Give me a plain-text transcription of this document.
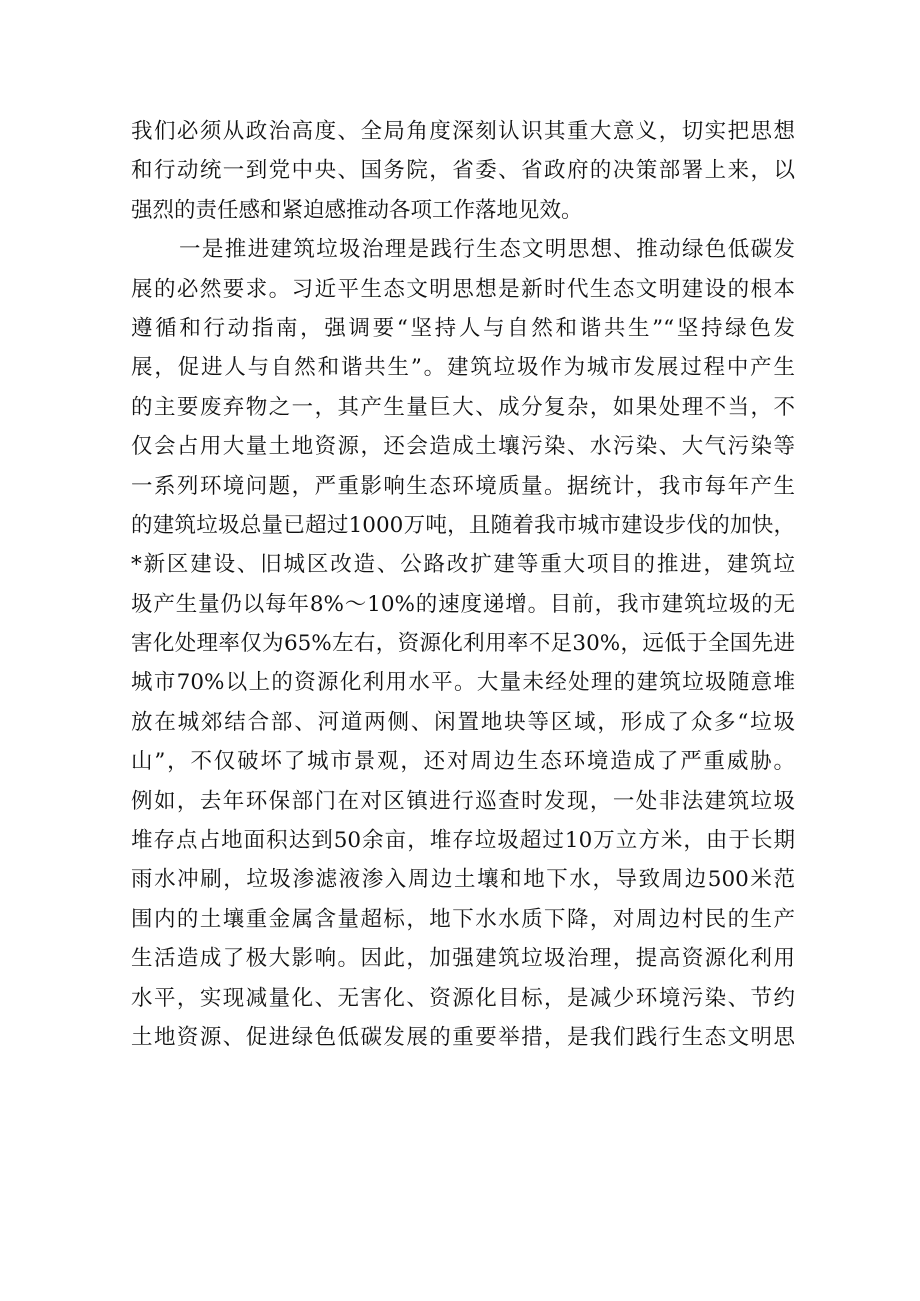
我们必须从政治高度、全局角度深刻认识其重大意义，切实把思想
和行动统一到党中央、国务院，省委、省政府的决策部署上来，以
强烈的责任感和紧迫感推动各项工作落地见效。
一是推进建筑垃圾治理是践行生态文明思想、推动绿色低碳发
展的必然要求。习近平生态文明思想是新时代生态文明建设的根本
遵循和行动指南，强调要“坚持人与自然和谐共生”“坚持绿色发
展，促进人与自然和谐共生”。建筑垃圾作为城市发展过程中产生
的主要废弃物之一，其产生量巨大、成分复杂，如果处理不当，不
仅会占用大量土地资源，还会造成土壤污染、水污染、大气污染等
一系列环境问题，严重影响生态环境质量。据统计，我市每年产生
的建筑垃圾总量已超过1000万吨，且随着我市城市建设步伐的加快，
*新区建设、旧城区改造、公路改扩建等重大项目的推进，建筑垃
圾产生量仍以每年8%～10%的速度递增。目前，我市建筑垃圾的无
害化处理率仅为65%左右，资源化利用率不足30%，远低于全国先进
城市70%以上的资源化利用水平。大量未经处理的建筑垃圾随意堆
放在城郊结合部、河道两侧、闲置地块等区域，形成了众多“垃圾
山”，不仅破坏了城市景观，还对周边生态环境造成了严重威胁。
例如，去年环保部门在对区镇进行巡查时发现，一处非法建筑垃圾
堆存点占地面积达到50余亩，堆存垃圾超过10万立方米，由于长期
雨水冲刷，垃圾渗滤液渗入周边土壤和地下水，导致周边500米范
围内的土壤重金属含量超标，地下水水质下降，对周边村民的生产
生活造成了极大影响。因此，加强建筑垃圾治理，提高资源化利用
水平，实现减量化、无害化、资源化目标，是减少环境污染、节约
土地资源、促进绿色低碳发展的重要举措，是我们践行生态文明思
